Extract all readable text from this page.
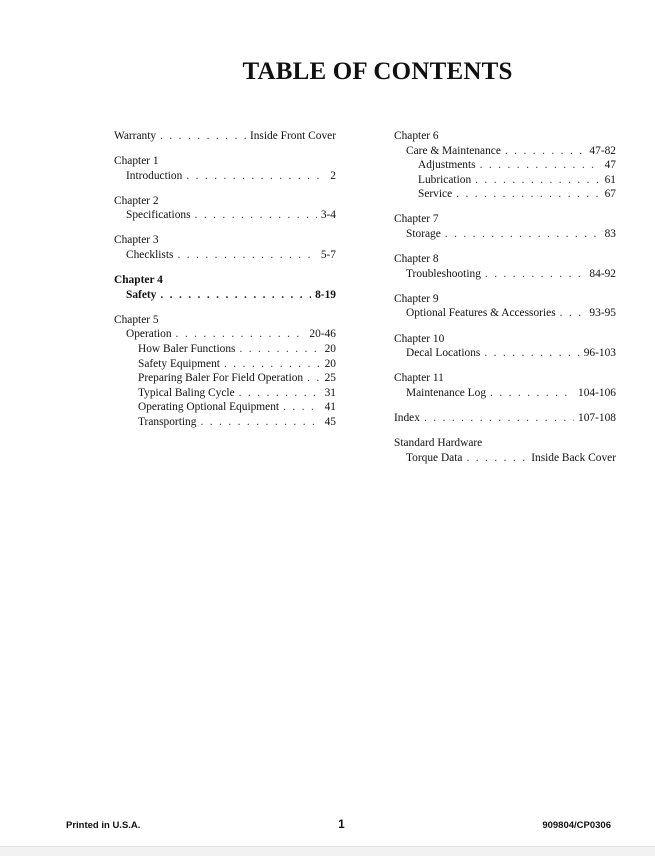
TABLE OF CONTENTS
Warranty . . .	Inside Front Cover
Chapter 1
Introduction . . .	2
Chapter 2
Specifications . . .	3-4
Chapter 3
Checklists . . .	5-7
Chapter 4
Safety . . .	8-19
Chapter 5
Operation . . .	20-46
How Baler Functions . . .	20
Safety Equipment . . .	20
Preparing Baler For Field Operation . . . 25
Typical Baling Cycle . . .	31
Operating Optional Equipment . . .	41
Transporting . . .	45
Chapter 6
Care & Maintenance . . .	47-82
Adjustments . . .	47
Lubrication . . .	61
Service . . .	67
Chapter 7
Storage . . .	83
Chapter 8
Troubleshooting . . .	84-92
Chapter 9
Optional Features & Accessories . . .	93-95
Chapter 10
Decal Locations . . .	96-103
Chapter 11
Maintenance Log . . .	104-106
Index . . .	107-108
Standard Hardware
Torque Data . . .	Inside Back Cover
Printed in U.S.A.	1	909804/CP0306
